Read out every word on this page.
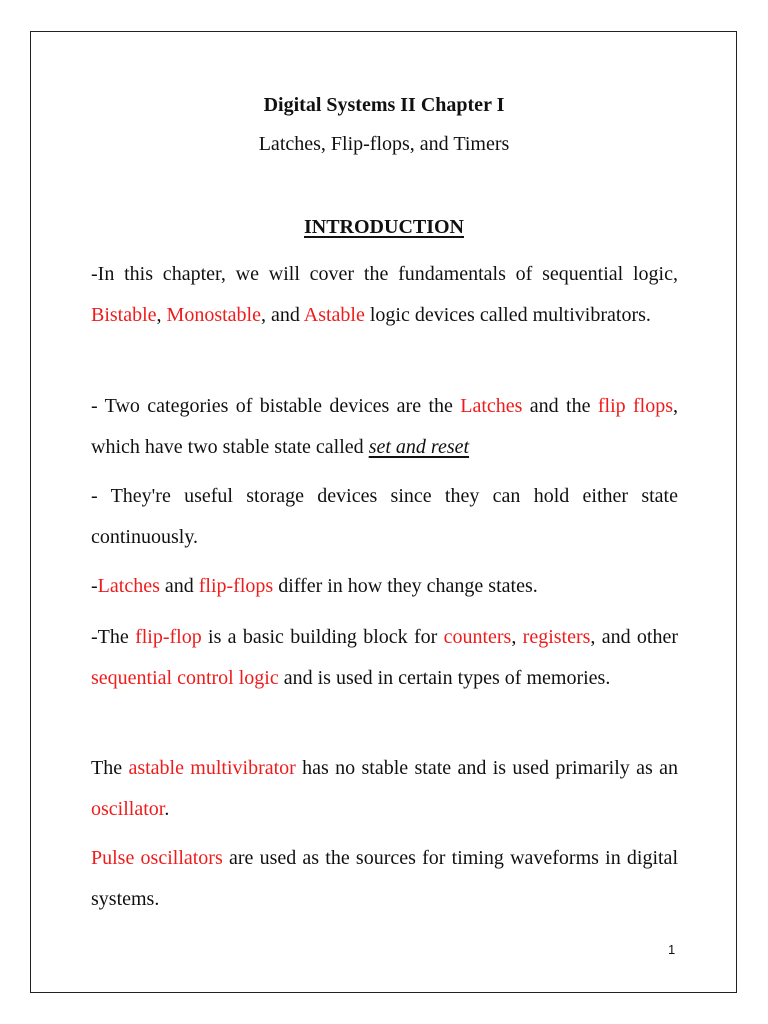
Digital Systems II Chapter I
Latches, Flip-flops, and Timers
INTRODUCTION

-In this chapter, we will cover the fundamentals of sequential logic, Bistable, Monostable, and Astable logic devices called multivibrators.

- Two categories of bistable devices are the Latches and the flip flops, which have two stable state called set and reset

- They're useful storage devices since they can hold either state continuously.

-Latches and flip-flops differ in how they change states.

-The flip-flop is a basic building block for counters, registers, and other sequential control logic and is used in certain types of memories.

The astable multivibrator has no stable state and is used primarily as an oscillator.

Pulse oscillators are used as the sources for timing waveforms in digital systems.

1
